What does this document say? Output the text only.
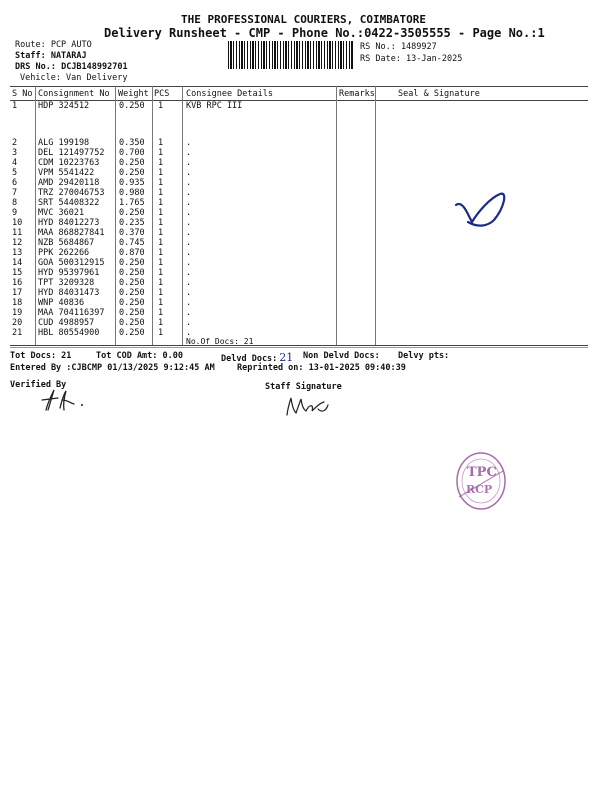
THE PROFESSIONAL COURIERS, COIMBATORE
Delivery Runsheet - CMP - Phone No.:0422-3505555 - Page No.:1
Route: PCP AUTO
Staff: NATARAJ
DRS No.: DCJB148992701
Vehicle: Van Delivery
RS No.: 1489927
RS Date: 13-Jan-2025
S No Consignment No Weight PCS Consignee Details	Remarks	Seal & Signature
1 HDP 324512	0.250 1	KVB RPC III
2 ALG 199198	0.350 1	.
3 DEL 121497752 0.700 1	.
4 CDM 10223763 0.250 1	.
5 VPM 5541422	0.250 1	.
6 AMD 29420118 0.935 1	.
7 TRZ 270046753 0.980 1	.
8 SRT 54408322 1.765 1	.
9 MVC 36021	0.250 1	.
10 HYD 84012273 0.235 1	.
11 MAA 868827841 0.370 1	.
12 NZB 5684867	0.745 1	.
13 PPK 262266	0.870 1	.
14 GOA 500312915 0.250 1	.
15 HYD 95397961 0.250 1	.
16 TPT 3209328	0.250 1	.
17 HYD 84031473 0.250 1	.
18 WNP 40836	0.250 1	.
19 MAA 704116397 0.250 1	.
20 CUD 4988957	0.250 1	.
21 HBL 80554900 0.250 1	.
No.Of Docs: 21
Tot Docs: 21	Tot COD Amt: 0.00	Delvd Docs: 21 Non Delvd Docs: Delvy pts:
Entered By :CJBCMP 01/13/2025 9:12:45 AM	Reprinted on: 13-01-2025 09:40:39
Verified By	Staff Signature
TPC
RCP
